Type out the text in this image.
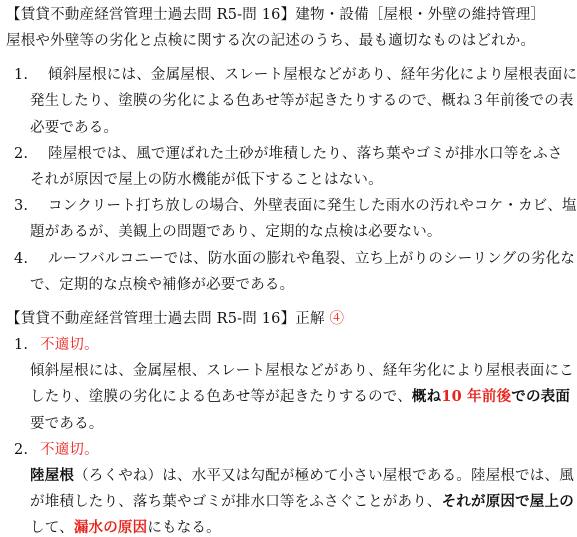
【賃貸不動産経営管理士過去問 R5-問 16】建物・設備［屋根・外壁の維持管理］
屋根や外壁等の劣化と点検に関する次の記述のうち、最も適切なものはどれか。
1. 傾斜屋根には、金属屋根、スレート屋根などがあり、経年劣化により屋根表面に
発生したり、塗膜の劣化による色あせ等が起きたりするので、概ね３年前後での表
必要である。
2. 陸屋根では、風で運ばれた土砂が堆積したり、落ち葉やゴミが排水口等をふさ
それが原因で屋上の防水機能が低下することはない。
3. コンクリート打ち放しの場合、外壁表面に発生した雨水の汚れやコケ・カビ、塩
題があるが、美観上の問題であり、定期的な点検は必要ない。
4. ルーフバルコニーでは、防水面の膨れや亀裂、立ち上がりのシーリングの劣化な
で、定期的な点検や補修が必要である。
【賃貸不動産経営管理士過去問 R5-問 16】正解 ④
1. 不適切。
傾斜屋根には、金属屋根、スレート屋根などがあり、経年劣化により屋根表面にこ
したり、塗膜の劣化による色あせ等が起きたりするので、概ね10 年前後での表面
要である。
2. 不適切。
陸屋根（ろくやね）は、水平又は勾配が極めて小さい屋根である。陸屋根では、風
が堆積したり、落ち葉やゴミが排水口等をふさぐことがあり、それが原因で屋上の
して、漏水の原因にもなる。
